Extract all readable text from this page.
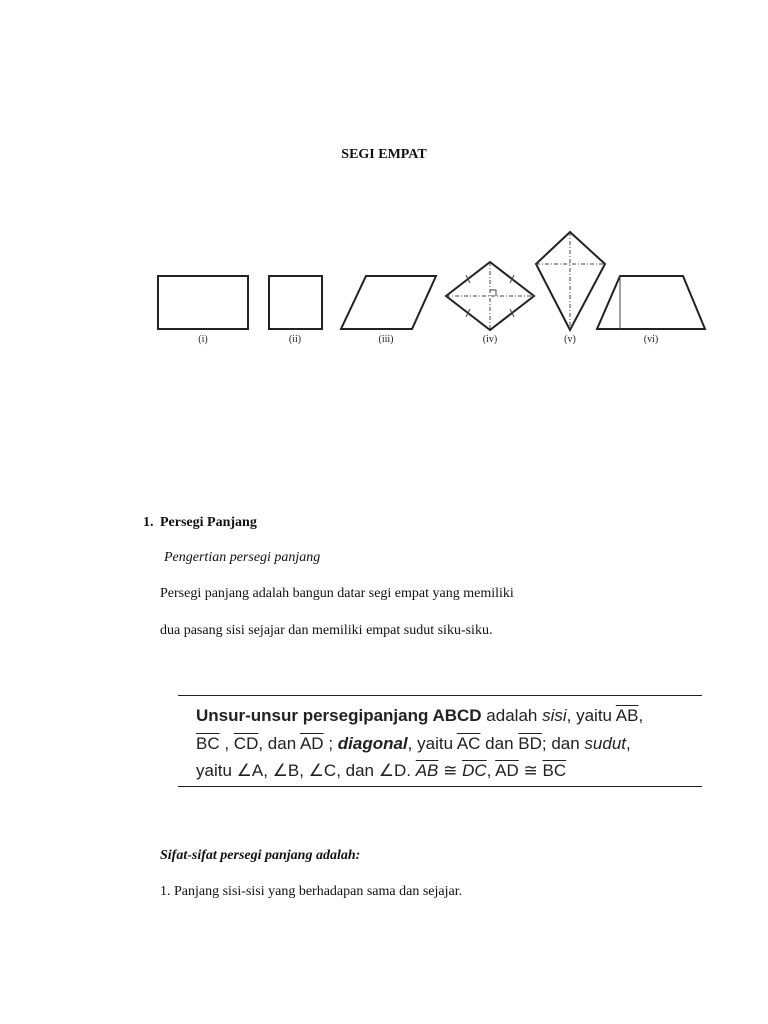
SEGI EMPAT
(i)	(ii)	(iii)	(iv)	(v)	(vi)
1. Persegi Panjang
Pengertian persegi panjang
Persegi panjang adalah bangun datar segi empat yang memiliki
dua pasang sisi sejajar dan memiliki empat sudut siku-siku.
Unsur-unsur persegipanjang ABCD adalah sisi, yaitu $\overline{AB}$,
$\overline{BC}$ , $\overline{CD}$, dan $\overline{AD}$ ; diagonal, yaitu $\overline{AC}$ dan $\overline{BD}$; dan sudut,
yaitu ∠A, ∠B, ∠C, dan ∠D. $\overline{AB}$ ≅ $\overline{DC}$, $\overline{AD}$ ≅ $\overline{BC}$
Sifat-sifat persegi panjang adalah:
1. Panjang sisi-sisi yang berhadapan sama dan sejajar.
